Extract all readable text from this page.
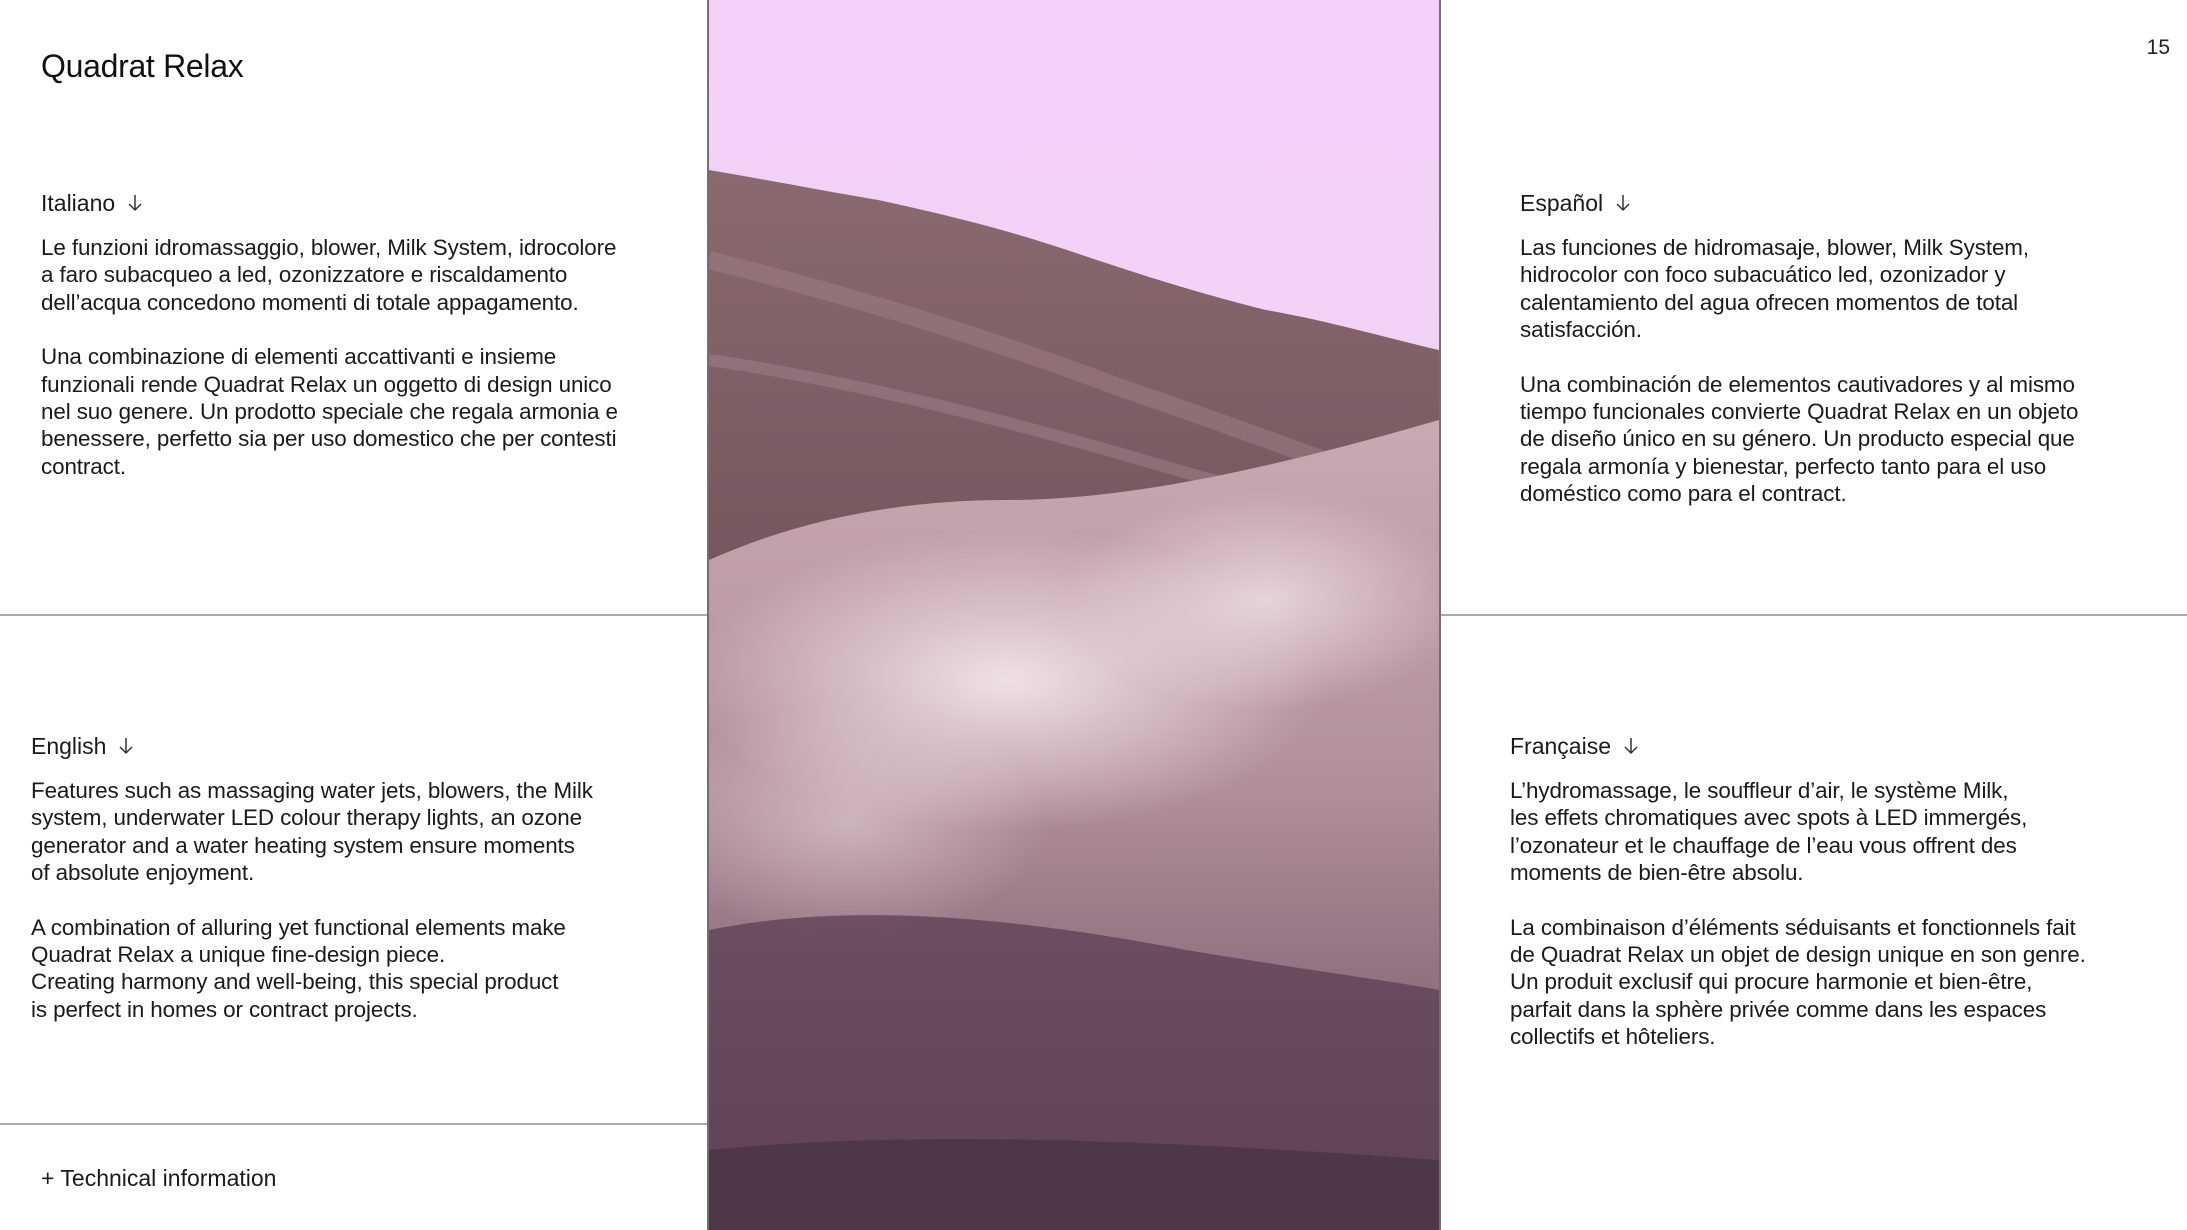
Quadrat Relax
15
Italiano

Le funzioni idromassaggio, blower, Milk System, idrocolore
a faro subacqueo a led, ozonizzatore e riscaldamento
dell’acqua concedono momenti di totale appagamento.

Una combinazione di elementi accattivanti e insieme
funzionali rende Quadrat Relax un oggetto di design unico
nel suo genere. Un prodotto speciale che regala armonia e
benessere, perfetto sia per uso domestico che per contesti
contract.

Español

Las funciones de hidromasaje, blower, Milk System,
hidrocolor con foco subacuático led, ozonizador y
calentamiento del agua ofrecen momentos de total
satisfacción.

Una combinación de elementos cautivadores y al mismo
tiempo funcionales convierte Quadrat Relax en un objeto
de diseño único en su género. Un producto especial que
regala armonía y bienestar, perfecto tanto para el uso
doméstico como para el contract.

English

Features such as massaging water jets, blowers, the Milk
system, underwater LED colour therapy lights, an ozone
generator and a water heating system ensure moments
of absolute enjoyment.

A combination of alluring yet functional elements make
Quadrat Relax a unique fine-design piece.
Creating harmony and well-being, this special product
is perfect in homes or contract projects.

Française

L’hydromassage, le souffleur d’air, le système Milk,
les effets chromatiques avec spots à LED immergés,
l’ozonateur et le chauffage de l’eau vous offrent des
moments de bien-être absolu.

La combinaison d’éléments séduisants et fonctionnels fait
de Quadrat Relax un objet de design unique en son genre.
Un produit exclusif qui procure harmonie et bien-être,
parfait dans la sphère privée comme dans les espaces
collectifs et hôteliers.

+ Technical information
